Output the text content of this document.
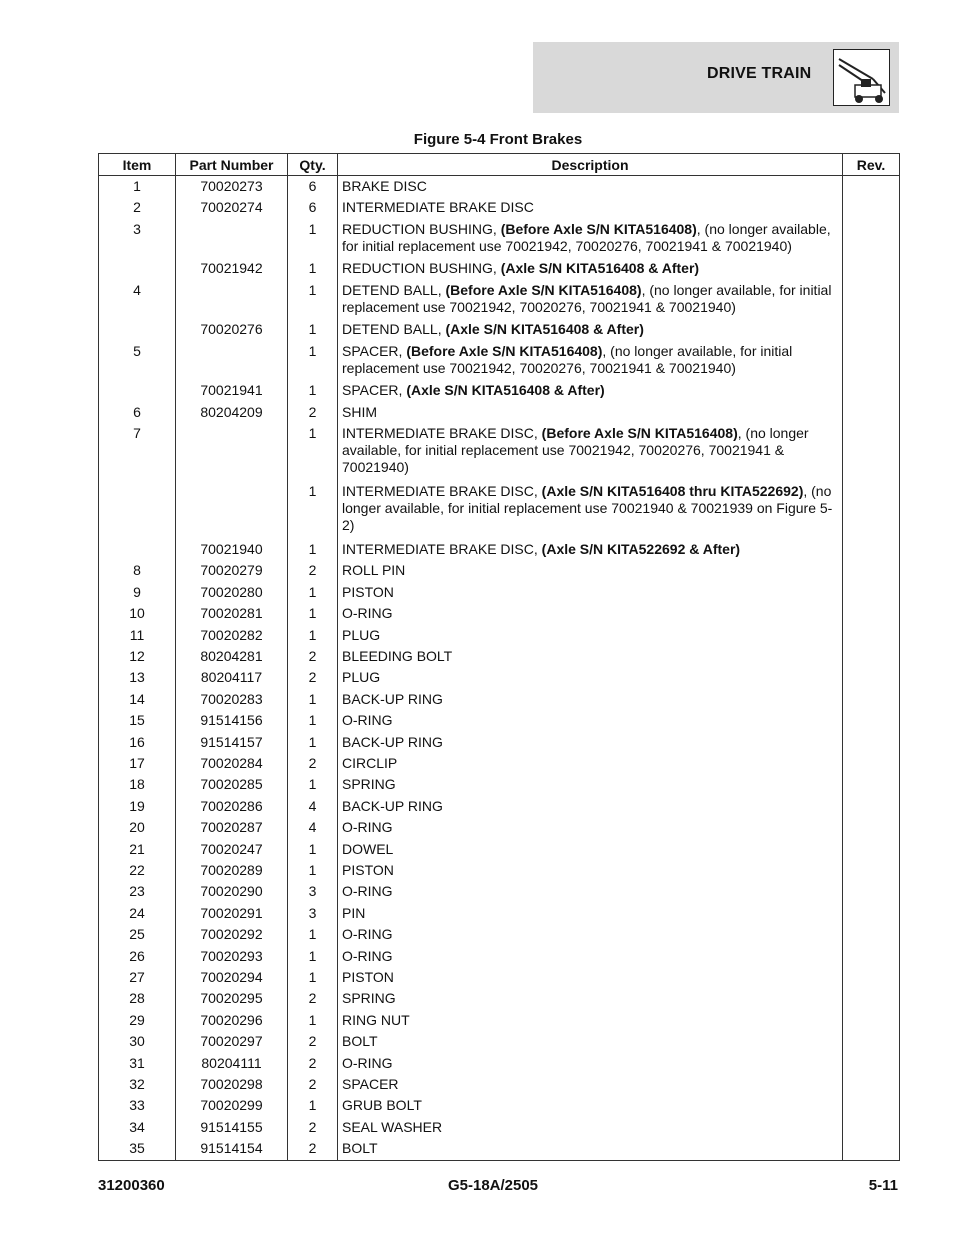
DRIVE TRAIN
Figure 5-4 Front Brakes
Item	Part Number	Qty.	Description	Rev.
1	70020273	6	BRAKE DISC	
2	70020274	6	INTERMEDIATE BRAKE DISC	
3		1	REDUCTION BUSHING, (Before Axle S/N KITA516408), (no longer available, for initial replacement use 70021942, 70020276, 70021941 & 70021940)	
	70021942	1	REDUCTION BUSHING, (Axle S/N KITA516408 & After)	
4		1	DETEND BALL, (Before Axle S/N KITA516408), (no longer available, for initial replacement use 70021942, 70020276, 70021941 & 70021940)	
	70020276	1	DETEND BALL, (Axle S/N KITA516408 & After)	
5		1	SPACER, (Before Axle S/N KITA516408), (no longer available, for initial replacement use 70021942, 70020276, 70021941 & 70021940)	
	70021941	1	SPACER, (Axle S/N KITA516408 & After)	
6	80204209	2	SHIM	
7		1	INTERMEDIATE BRAKE DISC, (Before Axle S/N KITA516408), (no longer available, for initial replacement use 70021942, 70020276, 70021941 & 70021940)	
		1	INTERMEDIATE BRAKE DISC, (Axle S/N KITA516408 thru KITA522692), (no longer available, for initial replacement use 70021940 & 70021939 on Figure 5-2)	
	70021940	1	INTERMEDIATE BRAKE DISC, (Axle S/N KITA522692 & After)	
8	70020279	2	ROLL PIN	
9	70020280	1	PISTON	
10	70020281	1	O-RING	
11	70020282	1	PLUG	
12	80204281	2	BLEEDING BOLT	
13	80204117	2	PLUG	
14	70020283	1	BACK-UP RING	
15	91514156	1	O-RING	
16	91514157	1	BACK-UP RING	
17	70020284	2	CIRCLIP	
18	70020285	1	SPRING	
19	70020286	4	BACK-UP RING	
20	70020287	4	O-RING	
21	70020247	1	DOWEL	
22	70020289	1	PISTON	
23	70020290	3	O-RING	
24	70020291	3	PIN	
25	70020292	1	O-RING	
26	70020293	1	O-RING	
27	70020294	1	PISTON	
28	70020295	2	SPRING	
29	70020296	1	RING NUT	
30	70020297	2	BOLT	
31	80204111	2	O-RING	
32	70020298	2	SPACER	
33	70020299	1	GRUB BOLT	
34	91514155	2	SEAL WASHER	
35	91514154	2	BOLT	

31200360	G5-18A/2505	5-11
